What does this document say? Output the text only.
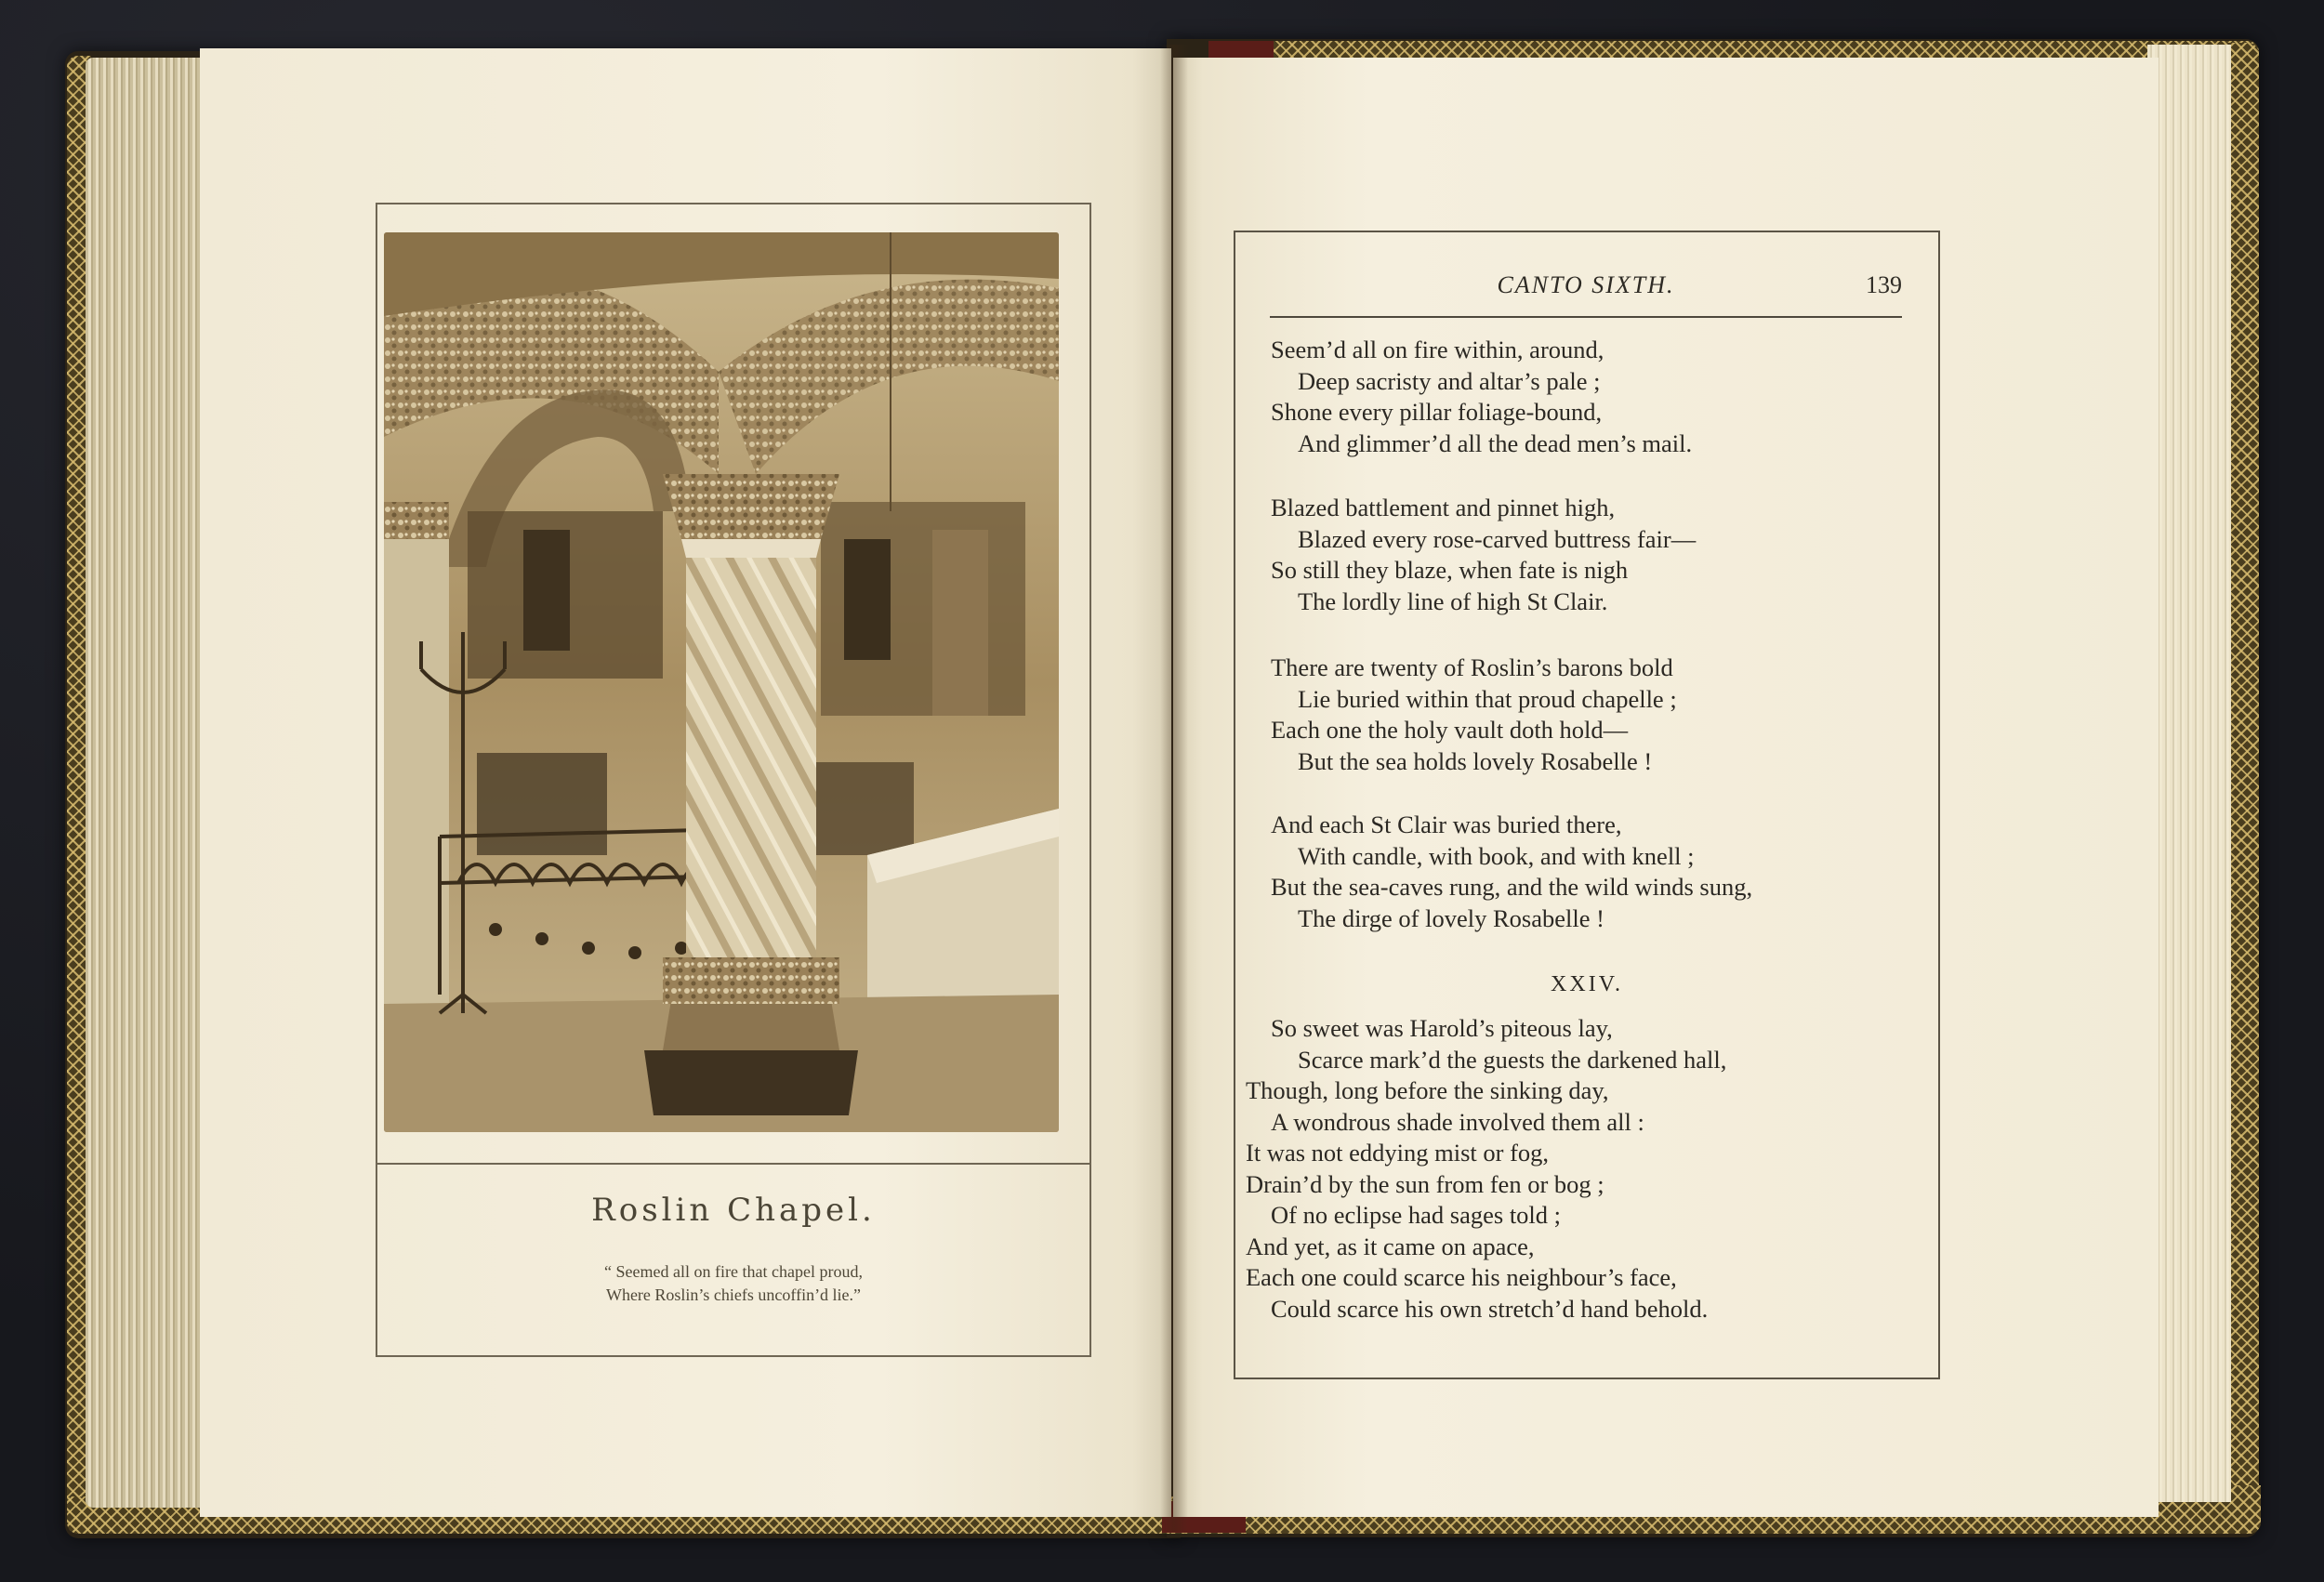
Roslin Chapel.
“ Seemed all on fire that chapel proud,
Where Roslin’s chiefs uncoffin’d lie.”
CANTO SIXTH.	139
Seem’d all on fire within, around,
Deep sacristy and altar’s pale ;
Shone every pillar foliage-bound,
And glimmer’d all the dead men’s mail.
Blazed battlement and pinnet high,
Blazed every rose-carved buttress fair—
So still they blaze, when fate is nigh
The lordly line of high St Clair.
There are twenty of Roslin’s barons bold
Lie buried within that proud chapelle ;
Each one the holy vault doth hold—
But the sea holds lovely Rosabelle !
And each St Clair was buried there,
With candle, with book, and with knell ;
But the sea-caves rung, and the wild winds sung,
The dirge of lovely Rosabelle !
XXIV.
So sweet was Harold’s piteous lay,
Scarce mark’d the guests the darkened hall,
Though, long before the sinking day,
A wondrous shade involved them all :
It was not eddying mist or fog,
Drain’d by the sun from fen or bog ;
Of no eclipse had sages told ;
And yet, as it came on apace,
Each one could scarce his neighbour’s face,
Could scarce his own stretch’d hand behold.
